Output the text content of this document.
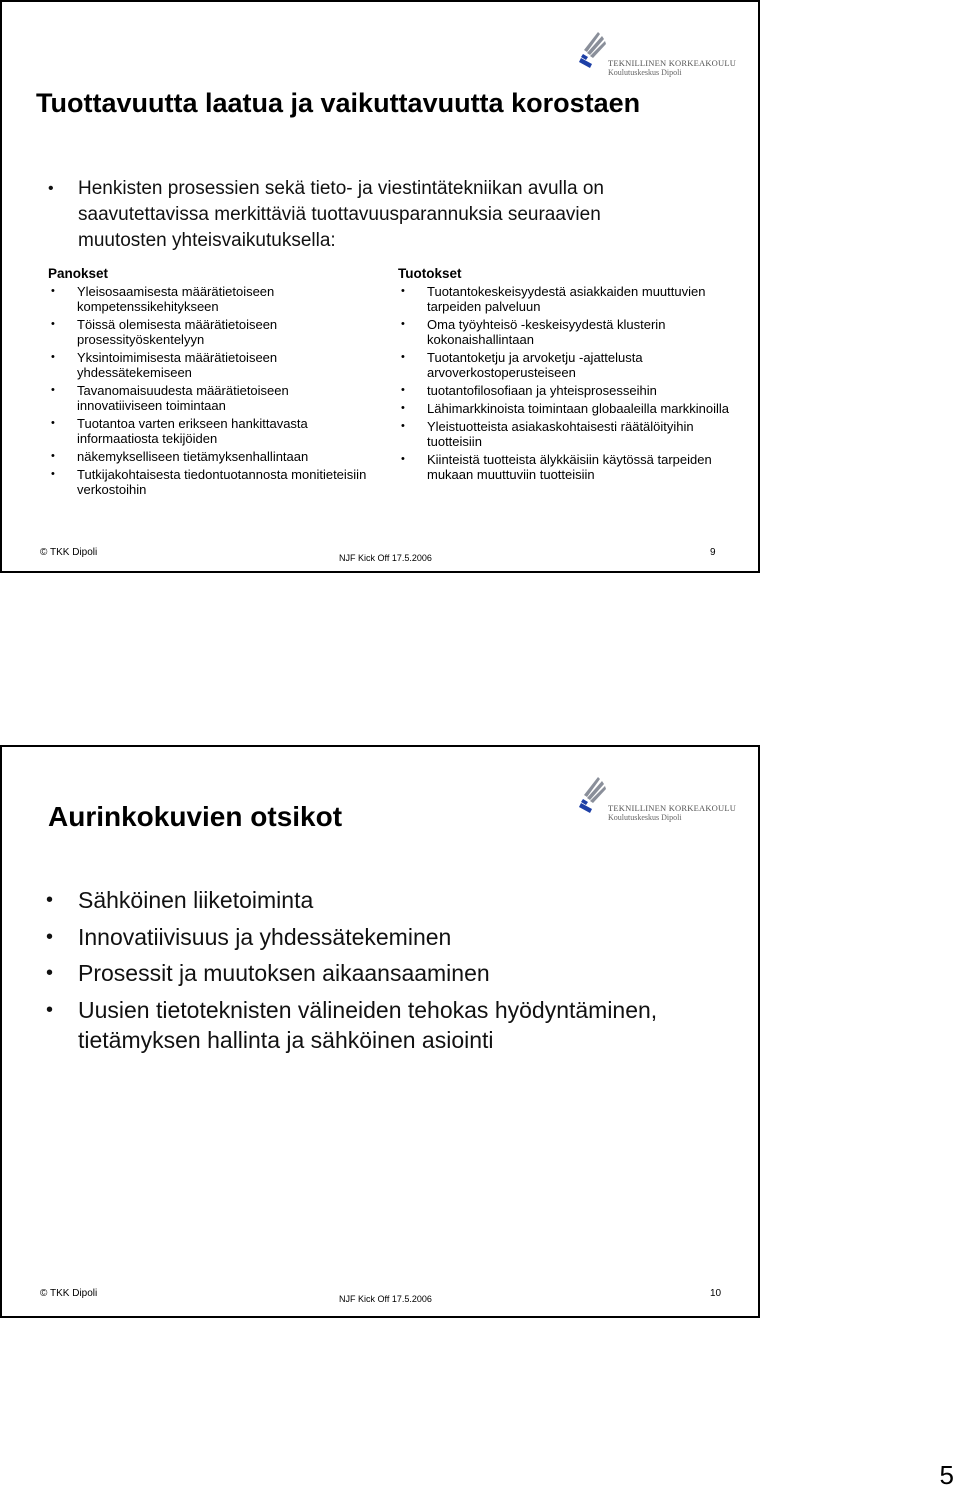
TEKNILLINEN KORKEAKOULU
Koulutuskeskus Dipoli
Tuottavuutta laatua ja vaikuttavuutta korostaen
• Henkisten prosessien sekä tieto- ja viestintätekniikan avulla on
saavutettavissa merkittäviä tuottavuusparannuksia seuraavien
muutosten yhteisvaikutuksella:
Panokset
• Yleisosaamisesta määrätietoiseen kompetenssikehitykseen
• Töissä olemisesta määrätietoiseen prosessityöskentelyyn
• Yksintoimimisesta määrätietoiseen yhdessätekemiseen
• Tavanomaisuudesta määrätietoiseen innovatiiviseen toimintaan
• Tuotantoa varten erikseen hankittavasta informaatiosta tekijöiden
• näkemykselliseen tietämyksenhallintaan
• Tutkijakohtaisesta tiedontuotannosta monitieteisiin verkostoihin
Tuotokset
• Tuotantokeskeisyydestä asiakkaiden muuttuvien tarpeiden palveluun
• Oma työyhteisö -keskeisyydestä klusterin kokonaishallintaan
• Tuotantoketju ja arvoketju -ajattelusta arvoverkostoperusteiseen
• tuotantofilosofiaan ja yhteisprosesseihin
• Lähimarkkinoista toimintaan globaaleilla markkinoilla
• Yleistuotteista asiakaskohtaisesti räätälöityihin tuotteisiin
• Kiinteistä tuotteista älykkäisiin käytössä tarpeiden mukaan muuttuviin tuotteisiin
© TKK Dipoli	NJF Kick Off 17.5.2006	9
TEKNILLINEN KORKEAKOULU
Koulutuskeskus Dipoli
Aurinkokuvien otsikot
• Sähköinen liiketoiminta
• Innovatiivisuus ja yhdessätekeminen
• Prosessit ja muutoksen aikaansaaminen
• Uusien tietoteknisten välineiden tehokas hyödyntäminen, tietämyksen hallinta ja sähköinen asiointi
© TKK Dipoli	NJF Kick Off 17.5.2006	10
5
